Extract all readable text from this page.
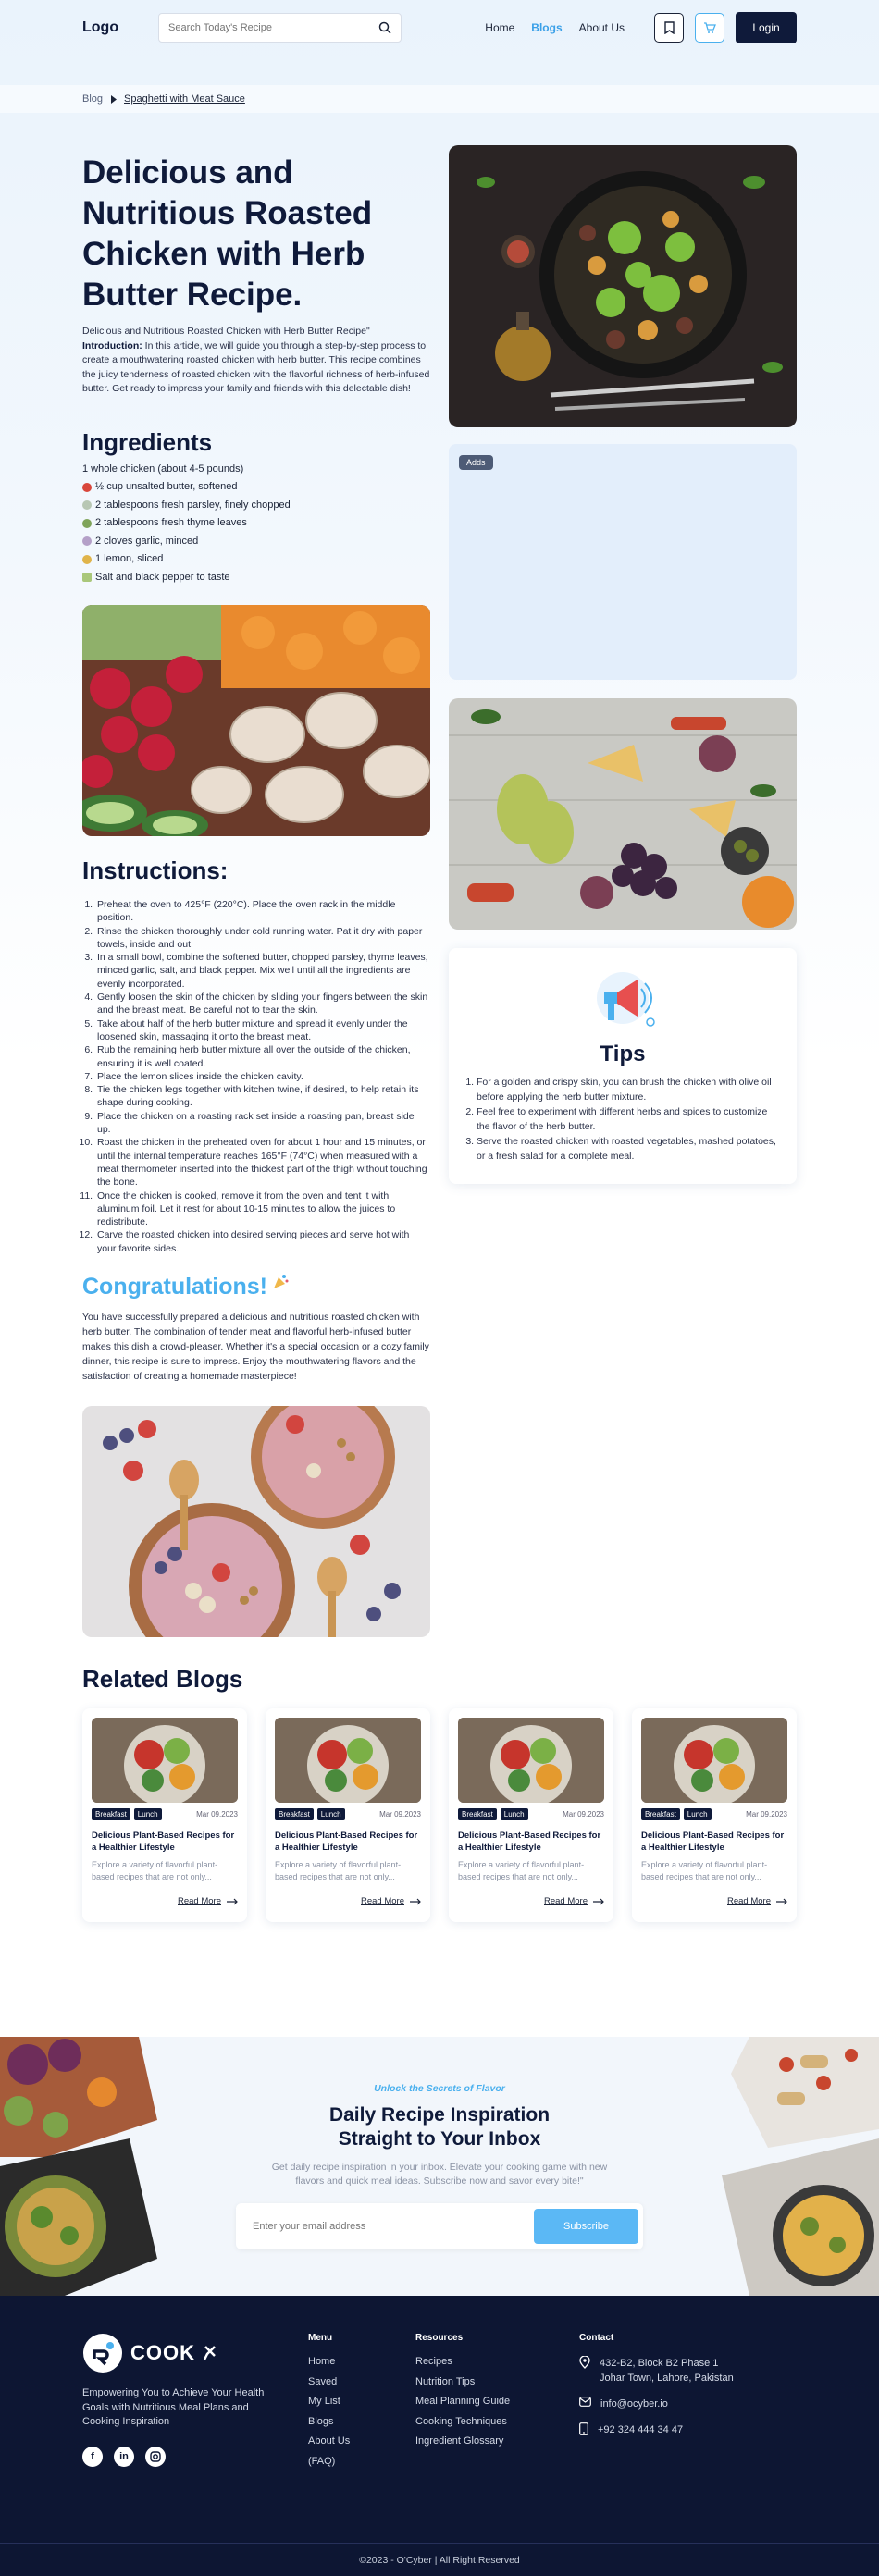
Logo
Search Today's Recipe	Home Blogs About Us	Login
Blog Spaghetti with Meat Sauce
Delicious and Nutritious Roasted Chicken with Herb Butter Recipe.
Delicious and Nutritious Roasted Chicken with Herb Butter Recipe"
Introduction: In this article, we will guide you through a step-by-step process to create a mouthwatering roasted chicken with herb butter. This recipe combines the juicy tenderness of roasted chicken with the flavorful richness of herb-infused butter. Get ready to impress your family and friends with this delectable dish!
Ingredients
1 whole chicken (about 4-5 pounds)
½ cup unsalted butter, softened
2 tablespoons fresh parsley, finely chopped
2 tablespoons fresh thyme leaves
2 cloves garlic, minced
1 lemon, sliced
Salt and black pepper to taste
Instructions:
1. Preheat the oven to 425°F (220°C). Place the oven rack in the middle position.
2. Rinse the chicken thoroughly under cold running water. Pat it dry with paper towels, inside and out.
3. In a small bowl, combine the softened butter, chopped parsley, thyme leaves, minced garlic, salt, and black pepper. Mix well until all the ingredients are evenly incorporated.
4. Gently loosen the skin of the chicken by sliding your fingers between the skin and the breast meat. Be careful not to tear the skin.
5. Take about half of the herb butter mixture and spread it evenly under the loosened skin, massaging it onto the breast meat.
6. Rub the remaining herb butter mixture all over the outside of the chicken, ensuring it is well coated.
7. Place the lemon slices inside the chicken cavity.
8. Tie the chicken legs together with kitchen twine, if desired, to help retain its shape during cooking.
9. Place the chicken on a roasting rack set inside a roasting pan, breast side up.
10. Roast the chicken in the preheated oven for about 1 hour and 15 minutes, or until the internal temperature reaches 165°F (74°C) when measured with a meat thermometer inserted into the thickest part of the thigh without touching the bone.
11. Once the chicken is cooked, remove it from the oven and tent it with aluminum foil. Let it rest for about 10-15 minutes to allow the juices to redistribute.
12. Carve the roasted chicken into desired serving pieces and serve hot with your favorite sides.
Congratulations!

You have successfully prepared a delicious and nutritious roasted chicken with herb butter. The combination of tender meat and flavorful herb-infused butter makes this dish a crowd-pleaser. Whether it's a special occasion or a cozy family dinner, this recipe is sure to impress. Enjoy the mouthwatering flavors and the satisfaction of creating a homemade masterpiece!

Adds
Tips
1. For a golden and crispy skin, you can brush the chicken with olive oil before applying the herb butter mixture.
2. Feel free to experiment with different herbs and spices to customize the flavor of the herb butter.
3. Serve the roasted chicken with roasted vegetables, mashed potatoes, or a fresh salad for a complete meal.
Related Blogs
Breakfast	Lunch	Mar 09.2023
Delicious Plant-Based Recipes for a Healthier Lifestyle
Explore a variety of flavorful plant-based recipes that are not only...
Read More
Breakfast	Lunch	Mar 09.2023
Delicious Plant-Based Recipes for a Healthier Lifestyle
Explore a variety of flavorful plant-based recipes that are not only...
Read More
Breakfast	Lunch	Mar 09.2023
Delicious Plant-Based Recipes for a Healthier Lifestyle
Explore a variety of flavorful plant-based recipes that are not only...
Read More
Breakfast	Lunch	Mar 09.2023
Delicious Plant-Based Recipes for a Healthier Lifestyle
Explore a variety of flavorful plant-based recipes that are not only...
Read More
Unlock the Secrets of Flavor
Daily Recipe Inspiration
Straight to Your Inbox

Get daily recipe inspiration in your inbox. Elevate your cooking game with new
flavors and quick meal ideas. Subscribe now and savor every bite!"

Enter your email address
Subscribe
COOK

Empowering You to Achieve Your Health Goals with Nutritious Meal Plans and Cooking Inspiration

f	in
Menu
Home
Saved
My List
Blogs
About Us
(FAQ)
Resources
Recipes
Nutrition Tips
Meal Planning Guide
Cooking Techniques
Ingredient Glossary
Contact
432-B2, Block B2 Phase 1
Johar Town, Lahore, Pakistan
info@ocyber.io
+92 324 444 34 47
©2023 - O'Cyber | All Right Reserved
